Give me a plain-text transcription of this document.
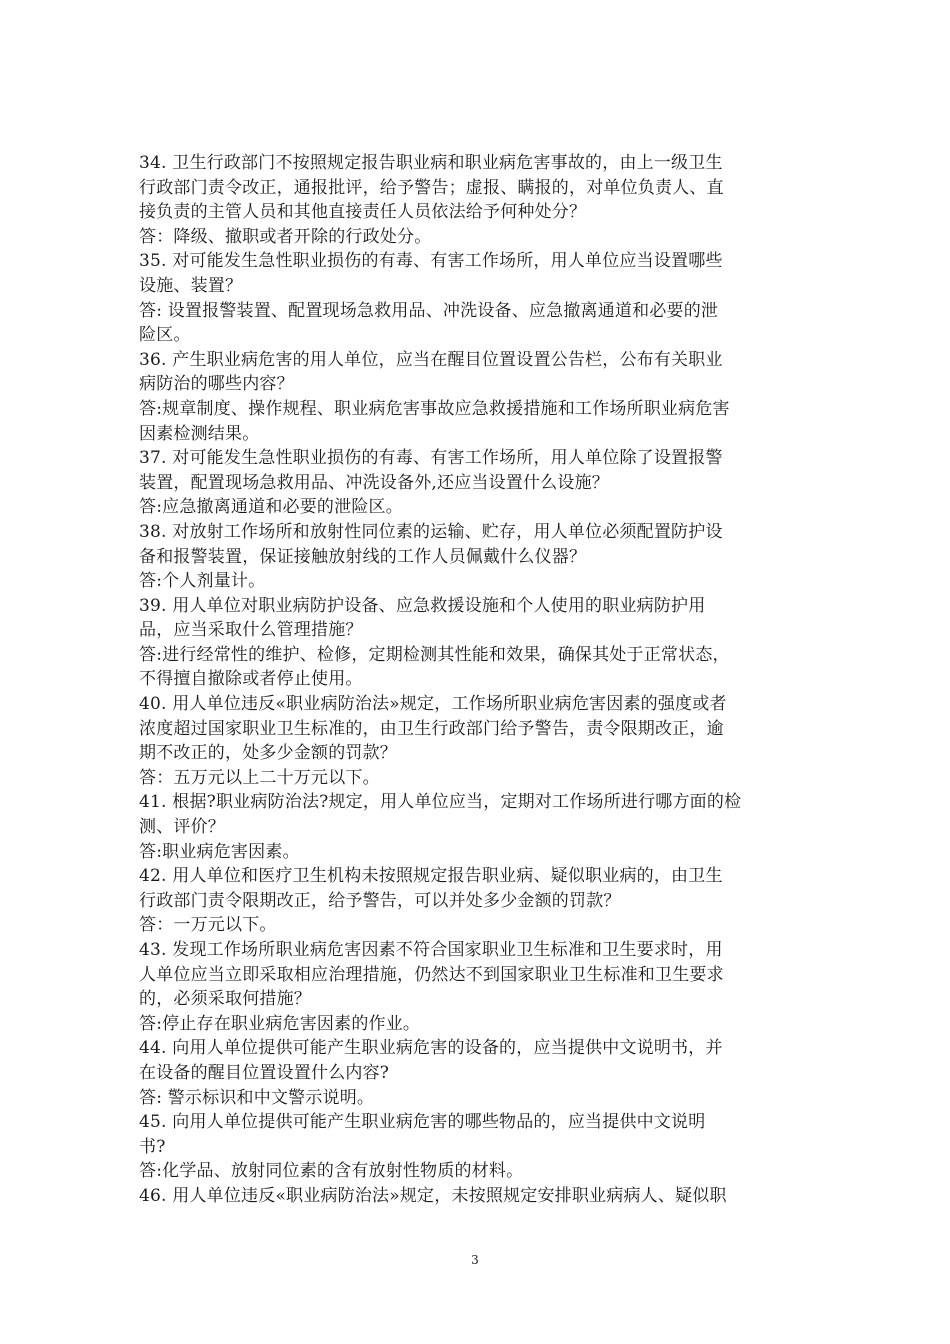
34. 卫生行政部门不按照规定报告职业病和职业病危害事故的，由上一级卫生
行政部门责令改正，通报批评，给予警告；虚报、瞒报的，对单位负责人、直
接负责的主管人员和其他直接责任人员依法给予何种处分？
答：降级、撤职或者开除的行政处分。
35. 对可能发生急性职业损伤的有毒、有害工作场所，用人单位应当设置哪些
设施、装置？
答: 设置报警装置、配置现场急救用品、冲洗设备、应急撤离通道和必要的泄
险区。
36. 产生职业病危害的用人单位，应当在醒目位置设置公告栏，公布有关职业
病防治的哪些内容？
答:规章制度、操作规程、职业病危害事故应急救援措施和工作场所职业病危害
因素检测结果。
37. 对可能发生急性职业损伤的有毒、有害工作场所，用人单位除了设置报警
装置，配置现场急救用品、冲洗设备外,还应当设置什么设施？
答:应急撤离通道和必要的泄险区。
38. 对放射工作场所和放射性同位素的运输、贮存，用人单位必须配置防护设
备和报警装置，保证接触放射线的工作人员佩戴什么仪器？
答:个人剂量计。
39. 用人单位对职业病防护设备、应急救援设施和个人使用的职业病防护用
品，应当采取什么管理措施？
答:进行经常性的维护、检修，定期检测其性能和效果，确保其处于正常状态，
不得擅自撤除或者停止使用。
40. 用人单位违反«职业病防治法»规定，工作场所职业病危害因素的强度或者
浓度超过国家职业卫生标准的，由卫生行政部门给予警告，责令限期改正，逾
期不改正的，处多少金额的罚款？
答：五万元以上二十万元以下。
41. 根据?职业病防治法?规定，用人单位应当，定期对工作场所进行哪方面的检
测、评价？
答:职业病危害因素。
42. 用人单位和医疗卫生机构未按照规定报告职业病、疑似职业病的，由卫生
行政部门责令限期改正，给予警告，可以并处多少金额的罚款？
答：一万元以下。
43. 发现工作场所职业病危害因素不符合国家职业卫生标准和卫生要求时，用
人单位应当立即采取相应治理措施，仍然达不到国家职业卫生标准和卫生要求
的，必须采取何措施？
答:停止存在职业病危害因素的作业。
44. 向用人单位提供可能产生职业病危害的设备的，应当提供中文说明书，并
在设备的醒目位置设置什么内容?
答: 警示标识和中文警示说明。
45. 向用人单位提供可能产生职业病危害的哪些物品的，应当提供中文说明
书?
答:化学品、放射同位素的含有放射性物质的材料。
46. 用人单位违反«职业病防治法»规定，未按照规定安排职业病病人、疑似职
3
